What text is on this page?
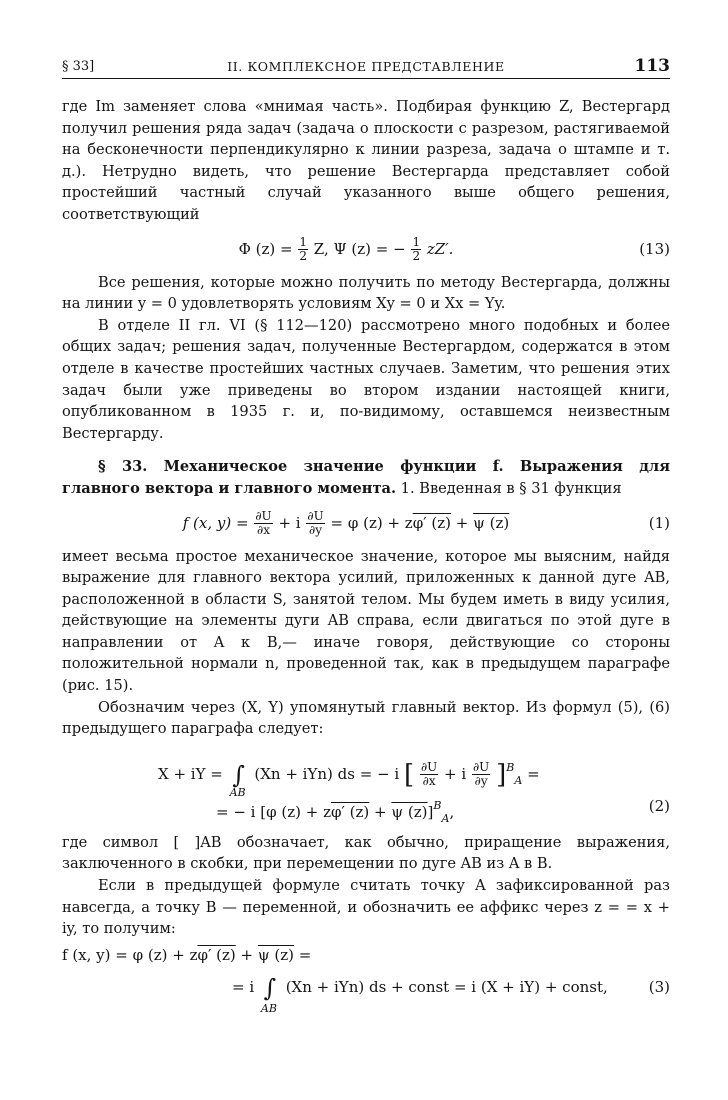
§ 33]	II. КОМПЛЕКСНОЕ ПРЕДСТАВЛЕНИЕ	113

где Im заменяет слова «мнимая часть». Подбирая функцию Z, Вестергард получил решения ряда задач (задача о плоскости с разрезом, растягиваемой на бесконечности перпендикулярно к линии разреза, задача о штампе и т. д.). Нетрудно видеть, что решение Вестергарда представляет собой простейший частный случай указанного выше общего решения, соответствующий

Φ $(z) = \frac{1}{2} Z$, Ψ (z) = − $\frac{1}{2} zZ'$.	(13)

Все решения, которые можно получить по методу Вестергарда, должны на линии y = 0 удовлетворять условиям Xy = 0 и Xx = Yy.

В отделе II гл. VI (§ 112—120) рассмотрено много подобных и более общих задач; решения задач, полученные Вестергардом, содержатся в этом отделе в качестве простейших частных случаев. Заметим, что решения этих задач были уже приведены во втором издании настоящей книги, опубликованном в 1935 г. и, по-видимому, оставшемся неизвестным Вестергарду.

§ 33. Механическое значение функции f. Выражения для главного вектора и главного момента. 1. Введенная в § 31 функция

f (x, $y) = \frac{\partial U}{\partial x} + i \frac{\partial U}{\partial y} = \varphi$ (z) + zφ′ (z) + ψ (z)	(1)

имеет весьма простое механическое значение, которое мы выясним, найдя выражение для главного вектора усилий, приложенных к данной дуге AB, расположенной в области S, занятой телом. Мы будем иметь в виду усилия, действующие на элементы дуги AB справа, если двигаться по этой дуге в направлении от A к B,— иначе говоря, действующие со стороны положительной нормали n, проведенной так, как в предыдущем параграфе (рис. 15).

Обозначим через (X, Y) упомянутый главный вектор. Из формул (5), (6) предыдущего параграфа следует:

X + iY = ∫
AB
(Xn + iYn) ds = − i [ $\frac{\partial U}{\partial x} + i \frac{\partial U}{\partial y} ]^B_A$ =
= − i [φ (z) + zφ′ (z) + ψ (z)]$^B_A$,	(2)

где символ [ ]AB обозначает, как обычно, приращение выражения, заключенного в скобки, при перемещении по дуге AB из A в B.

Если в предыдущей формуле считать точку A зафиксированной раз навсегда, а точку B — переменной, и обозначить ее аффикс через z = = x + iy, то получим:

f (x, y) = φ (z) + zφ′ (z) + ψ (z) =
= i ∫
AB
(Xn + iYn) ds + const = i (X + iY) + const,	(3)
